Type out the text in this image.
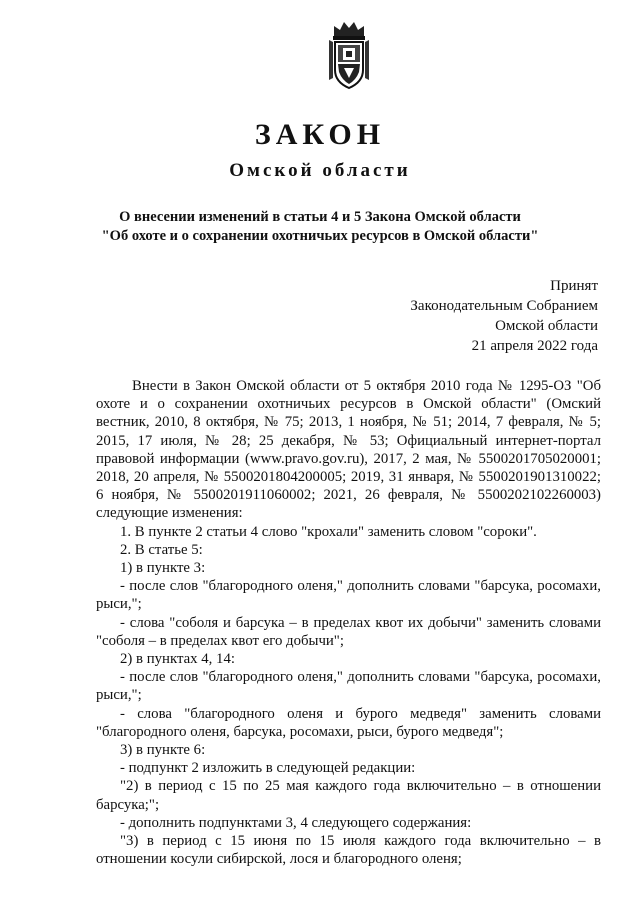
ЗАКОН
Омской области
О внесении изменений в статьи 4 и 5 Закона Омской области
"Об охоте и о сохранении охотничьих ресурсов в Омской области"
Принят
Законодательным Собранием
Омской области
21 апреля 2022 года

Внести в Закон Омской области от 5 октября 2010 года № 1295-ОЗ "Об охоте и о сохранении охотничьих ресурсов в Омской области" (Омский вестник, 2010, 8 октября, № 75; 2013, 1 ноября, № 51; 2014, 7 февраля, № 5; 2015, 17 июля, № 28; 25 декабря, № 53; Официальный интернет-портал правовой информации (www.pravo.gov.ru), 2017, 2 мая, № 5500201705020001; 2018, 20 апреля, № 5500201804200005; 2019, 31 января, № 5500201901310022; 6 ноября, № 5500201911060002; 2021, 26 февраля, № 5500202102260003) следующие изменения:

1. В пункте 2 статьи 4 слово "крохали" заменить словом "сороки".

2. В статье 5:

1) в пункте 3:

- после слов "благородного оленя," дополнить словами "барсука, росомахи, рыси,";

- слова "соболя и барсука – в пределах квот их добычи" заменить словами "соболя – в пределах квот его добычи";

2) в пунктах 4, 14:

- после слов "благородного оленя," дополнить словами "барсука, росомахи, рыси,";

- слова "благородного оленя и бурого медведя" заменить словами "благородного оленя, барсука, росомахи, рыси, бурого медведя";

3) в пункте 6:

- подпункт 2 изложить в следующей редакции:

"2) в период с 15 по 25 мая каждого года включительно – в отношении барсука;";

- дополнить подпунктами 3, 4 следующего содержания:

"3) в период с 15 июня по 15 июля каждого года включительно – в отношении косули сибирской, лося и благородного оленя;
